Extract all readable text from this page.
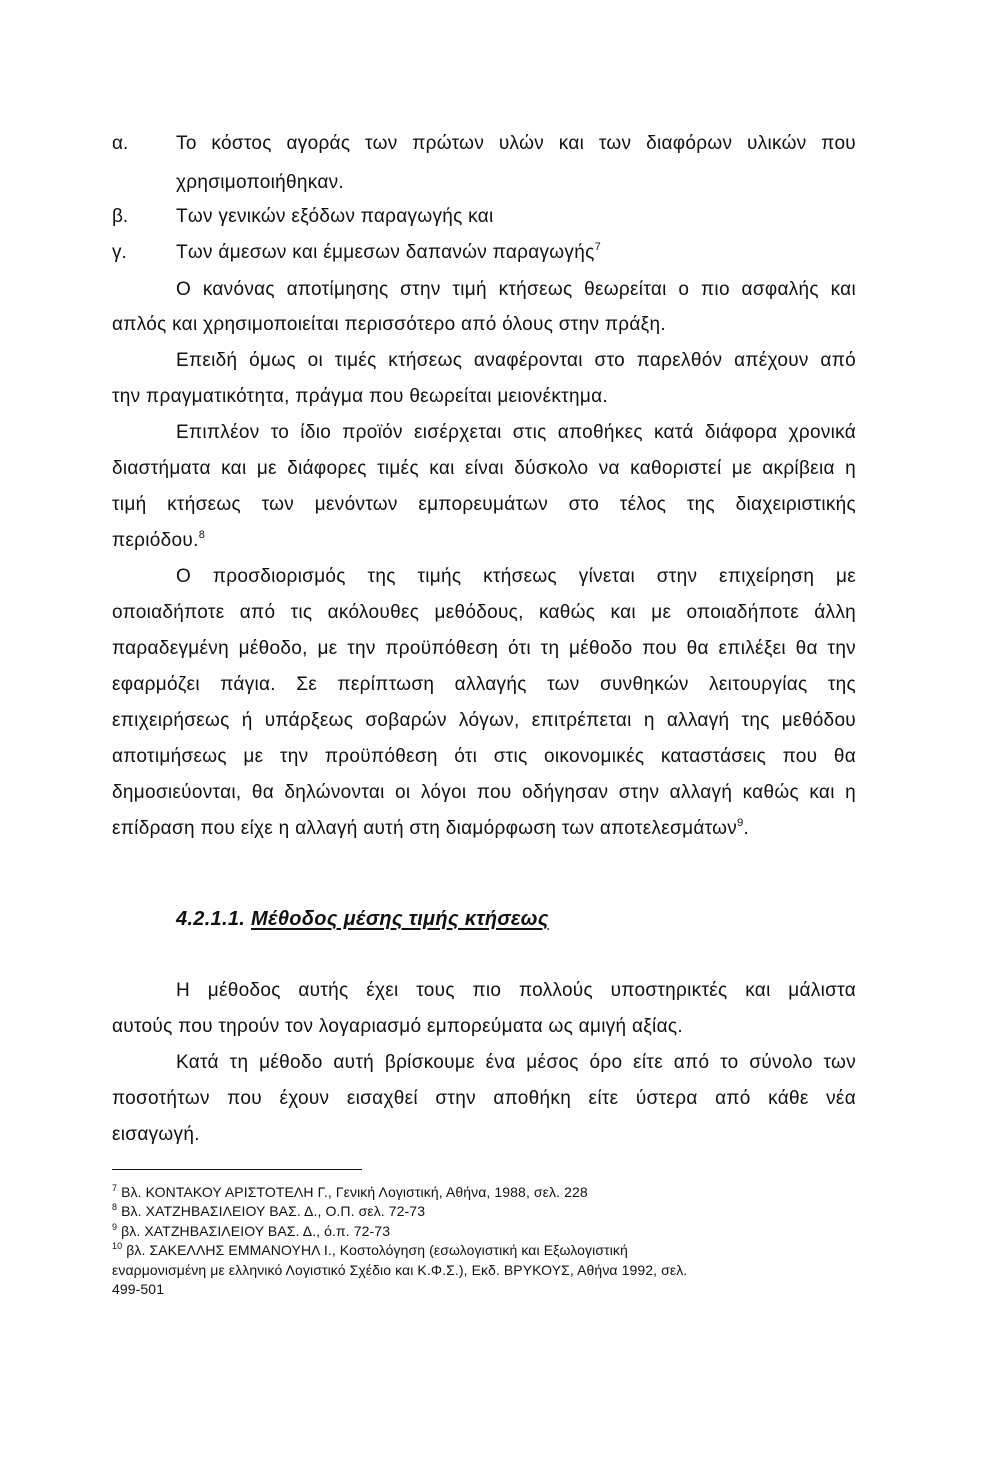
α.	Το κόστος αγοράς των πρώτων υλών και των διαφόρων υλικών που
χρησιμοποιήθηκαν.
β.	Των γενικών εξόδων παραγωγής και
γ.	Των άμεσων και έμμεσων δαπανών παραγωγής$^7$
Ο κανόνας αποτίμησης στην τιμή κτήσεως θεωρείται ο πιο ασφαλής και
απλός και χρησιμοποιείται περισσότερο από όλους στην πράξη.
Επειδή όμως οι τιμές κτήσεως αναφέρονται στο παρελθόν απέχουν από
την πραγματικότητα, πράγμα που θεωρείται μειονέκτημα.
Επιπλέον το ίδιο προϊόν εισέρχεται στις αποθήκες κατά διάφορα χρονικά
διαστήματα και με διάφορες τιμές και είναι δύσκολο να καθοριστεί με ακρίβεια η
τιμή κτήσεως των μενόντων εμπορευμάτων στο τέλος της διαχειριστικής
περιόδου.$^8$
Ο προσδιορισμός της τιμής κτήσεως γίνεται στην επιχείρηση με
οποιαδήποτε από τις ακόλουθες μεθόδους, καθώς και με οποιαδήποτε άλλη
παραδεγμένη μέθοδο, με την προϋπόθεση ότι τη μέθοδο που θα επιλέξει θα την
εφαρμόζει πάγια. Σε περίπτωση αλλαγής των συνθηκών λειτουργίας της
επιχειρήσεως ή υπάρξεως σοβαρών λόγων, επιτρέπεται η αλλαγή της μεθόδου
αποτιμήσεως με την προϋπόθεση ότι στις οικονομικές καταστάσεις που θα
δημοσιεύονται, θα δηλώνονται οι λόγοι που οδήγησαν στην αλλαγή καθώς και η
επίδραση που είχε η αλλαγή αυτή στη διαμόρφωση των αποτελεσμάτων$^9$.
4.2.1.1. Μέθοδος μέσης τιμής κτήσεως
Η μέθοδος αυτής έχει τους πιο πολλούς υποστηρικτές και μάλιστα
αυτούς που τηρούν τον λογαριασμό εμπορεύματα ως αμιγή αξίας.
Κατά τη μέθοδο αυτή βρίσκουμε ένα μέσος όρο είτε από το σύνολο των
ποσοτήτων που έχουν εισαχθεί στην αποθήκη είτε ύστερα από κάθε νέα
εισαγωγή.
$^7$ Βλ. ΚΟΝΤΑΚΟΥ ΑΡΙΣΤΟΤΕΛΗ Γ., Γενική Λογιστική, Αθήνα, 1988, σελ. 228
$^8$ Βλ. ΧΑΤΖΗΒΑΣΙΛΕΙΟΥ ΒΑΣ. Δ., Ο.Π. σελ. 72-73
$^9$ βλ. ΧΑΤΖΗΒΑΣΙΛΕΙΟΥ ΒΑΣ. Δ., ό.π. 72-73
$^{10}$ βλ. ΣΑΚΕΛΛΗΣ ΕΜΜΑΝΟΥΗΛ Ι., Κοστολόγηση (εσωλογιστική και Εξωλογιστική
εναρμονισμένη με ελληνικό Λογιστικό Σχέδιο και Κ.Φ.Σ.), Εκδ. ΒΡΥΚΟΥΣ, Αθήνα 1992, σελ.
499-501
